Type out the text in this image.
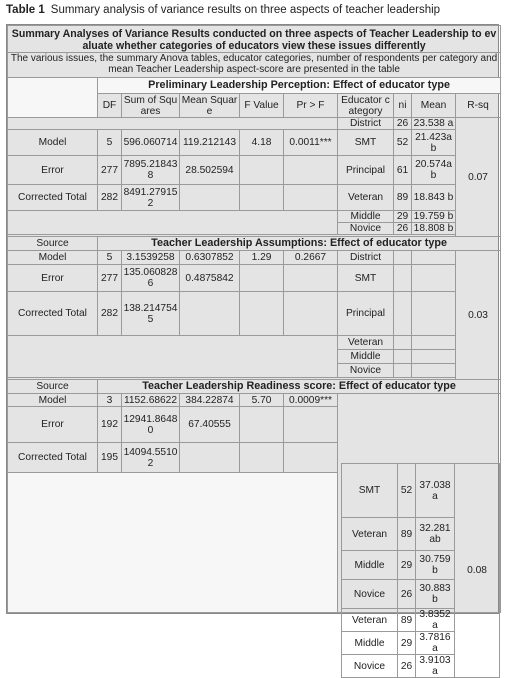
Table 1 Summary analysis of variance results on three aspects of teacher leadership
Summary Analyses of Variance Results conducted on three aspects of Teacher Leadership to evaluate whether categories of educators view these issues differently									
The various issues, the summary Anova tables, educator categories, number of respondents per category and mean Teacher Leadership aspect-score are presented in the table									
	Preliminary Leadership Perception: Effect of educator type								
	DF	Sum of Squares	Mean Square	F Value	Pr > F	Educator category	ni	Mean	R-sq
						District	26	23.538 a	0.07
Model	5	596.060714	119.212143	4.18	0.0011***	SMT	52	21.423a b	
Error	277	7895.218438	28.502594			Principal	61	20.574a b	
Corrected Total	282	8491.279152				Veteran	89	18.843 b	
						Middle	29	19.759 b	
						Novice	26	18.808 b	

Source	Teacher Leadership Assumptions: Effect of educator type								
Model	5	3.1539258	0.6307852	1.29	0.2667	District			0.03
Error	277	135.0608286	0.4875842			SMT			
Corrected Total	282	138.2147545				Principal			
						Veteran			
						Middle			
						Novice			

Source	Teacher Leadership Readiness score: Effect of educator type								
Model	3	1152.68622	384.22874	5.70	0.0009***				
Error	192	12941.86480	67.40555						
Corrected Total	195	14094.55102							

SMT	52	37.038 a	0.08
Veteran	89	32.281 ab	
Middle	29	30.759 b	
Novice	26	30.883 b	
Veteran	89	3.8352a	
Middle	29	3.7816a	
Novice	26	3.9103a	
